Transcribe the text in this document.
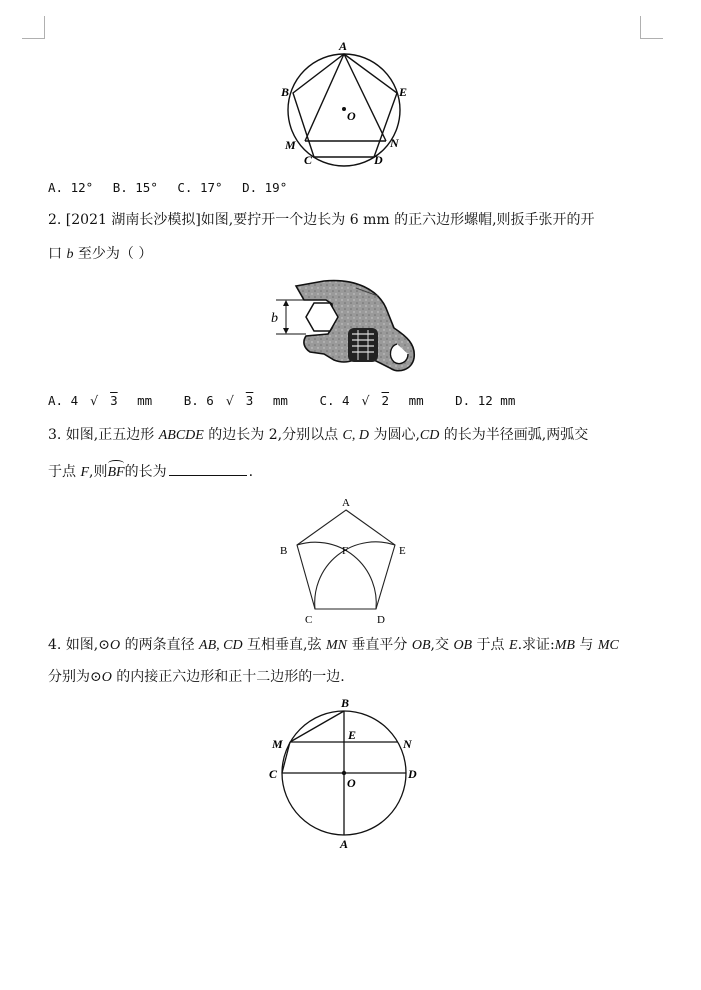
A
B	E
O
M	N
C	D
A. 12° B. 15° C. 17° D. 19°
2. [2021 湖南长沙模拟]如图,要拧开一个边长为 6 mm 的正六边形螺帽,则扳手张开的开
口 b 至少为（ ）
b
A. 4 √ 3 mm	B. 6 √ 3 mm	C. 4 √ 2 mm	D. 12 mm
3. 如图,正五边形 ABCDE 的边长为 2,分别以点 C, D 为圆心,CD 的长为半径画弧,两弧交
于点 F,则BF的长为	.
A
B	F	E
C	D
4. 如图,⊙O 的两条直径 AB, CD 互相垂直,弦 MN 垂直平分 OB,交 OB 于点 E.求证:MB 与 MC
分别为⊙O 的内接正六边形和正十二边形的一边.
B
M
E
N
C
O
D
A
